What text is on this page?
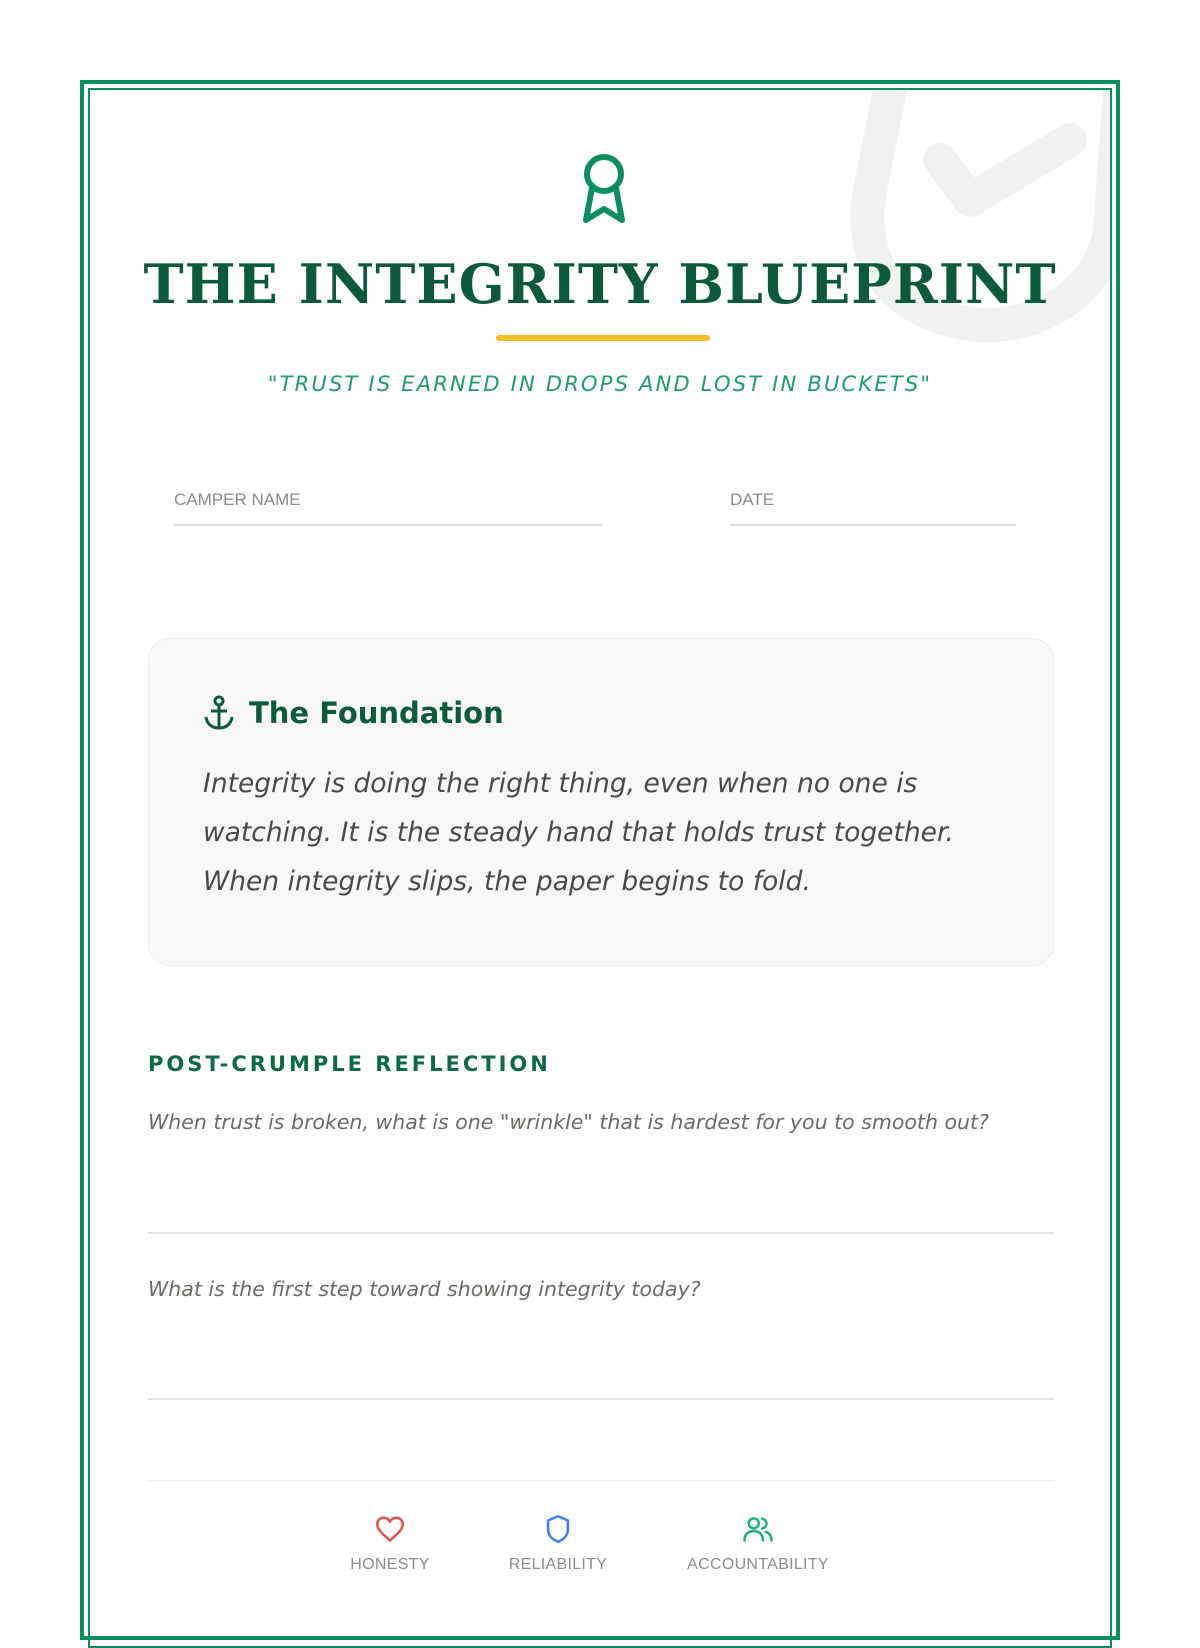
THE INTEGRITY BLUEPRINT
"TRUST IS EARNED IN DROPS AND LOST IN BUCKETS"
CAMPER NAME	DATE
The Foundation

Integrity is doing the right thing, even when no one is
watching. It is the steady hand that holds trust together.
When integrity slips, the paper begins to fold.

POST-CRUMPLE REFLECTION
When trust is broken, what is one "wrinkle" that is hardest for you to smooth out?
What is the first step toward showing integrity today?
HONESTY	RELIABILITY	ACCOUNTABILITY
